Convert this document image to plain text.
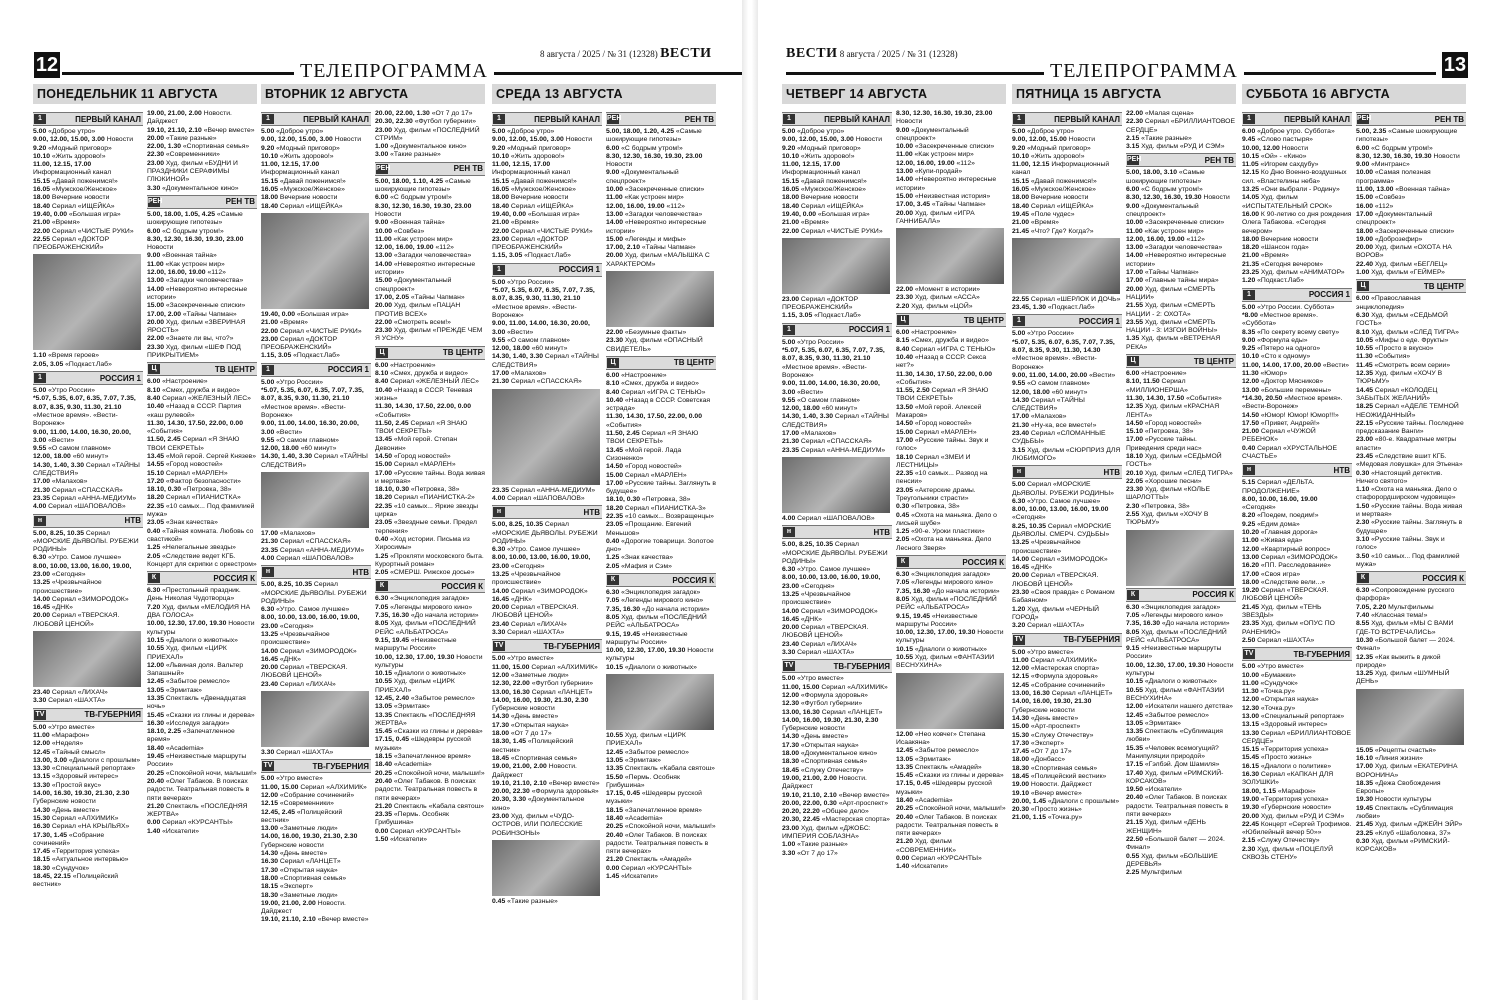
12	8 августа / 2025 / № 31 (12328) ВЕСТИ
ТЕЛЕПРОГРАММА
ПОНЕДЕЛЬНИК 11 АВГУСТА
1	ПЕРВЫЙ КАНАЛ
5.00 «Доброе утро»
9.00, 12.00, 15.00, 3.00 Новости
9.20 «Модный приговор»
10.10 «Жить здорово!»
11.00, 12.15, 17.00 Информационный канал
15.15 «Давай поженимся!»
16.05 «Мужское/Женское»
18.00 Вечерние новости
18.40 Сериал «ИЩЕЙКА»
19.40, 0.00 «Большая игра»
21.00 «Время»
22.00 Сериал «ЧИСТЫЕ РУКИ»
22.55 Сериал «ДОКТОР ПРЕОБРАЖЕНСКИЙ»
1.10 «Время героев»
2.05, 3.05 «Подкаст.Лаб»
1	РОССИЯ 1
5.00 «Утро России»
*5.07, 5.35, 6.07, 6.35, 7.07, 7.35, 8.07, 8.35, 9.30, 11.30, 21.10 «Местное время». «Вести-Воронеж»
9.00, 11.00, 14.00, 16.30, 20.00, 3.00 «Вести»
9.55 «О самом главном»
12.00, 18.00 «60 минут»
14.30, 1.40, 3.30 Сериал «ТАЙНЫ СЛЕДСТВИЯ»
17.00 «Малахов»
21.30 Сериал «СПАССКАЯ»
23.35 Сериал «АННА-МЕДИУМ»
4.00 Сериал «ШАПОВАЛОВ»
н	НТВ
5.00, 8.25, 10.35 Сериал «МОРСКИЕ ДЬЯВОЛЫ. РУБЕЖИ РОДИНЫ»
6.30 «Утро. Самое лучшее»
8.00, 10.00, 13.00, 16.00, 19.00, 23.00 «Сегодня»
13.25 «Чрезвычайное происшествие»
14.00 Сериал «ЗИМОРОДОК»
16.45 «ДНК»
20.00 Сериал «ТВЕРСКАЯ. ЛЮБОВЙ ЦЕНОЙ»
23.40 Сериал «ЛИХАЧ»
3.30 Сериал «ШАХТА»
TV	ТВ-ГУБЕРНИЯ
5.00 «Утро вместе»
11.00 «Марафон»
12.00 «Неделя»
12.45 «Тайный смысл»
13.00, 3.00 «Диалоги с прошлым»
13.30 «Специальный репортаж»
13.15 «Здоровый интерес»
13.30 «Простой вкус»
14.00, 16.30, 19.30, 21.30, 2.30 Губернские новости
14.30 «День вместе»
15.30 Сериал «АЛХИМИК»
16.30 Сериал «НА КРЫЛЬЯХ»
17.30, 1.45 «Собрание сочинений»
17.45 «Территория успеха»
18.15 «Актуальное интервью»
18.30 «Сундучок»
18.45, 22.15 «Полицейский вестник»
19.00, 21.00, 2.00 Новости. Дайджест
19.10, 21.10, 2.10 «Вечер вместе»
20.00 «Такие разные»
22.00, 1.30 «Спортивная семья»
22.30 «Современники»
23.00 Худ. фильм «БУДНИ И ПРАЗДНИКИ СЕРАФИМЫ ГЛЮКИНОЙ»
3.30 «Документальное кино»
РЕН	РЕН ТВ
5.00, 18.00, 1.05, 4.25 «Самые шокирующие гипотезы»
6.00 «С бодрым утром!»
8.30, 12.30, 16.30, 19.30, 23.00 Новости
9.00 «Военная тайна»
11.00 «Как устроен мир»
12.00, 16.00, 19.00 «112»
13.00 «Загадки человечества»
14.00 «Невероятно интересные истории»
15.00 «Засекреченные списки»
17.00, 2.00 «Тайны Чапман»
20.00 Худ. фильм «ЗВЕРИНАЯ ЯРОСТЬ»
22.00 «Знаете ли вы, что?»
23.30 Худ. фильм «ШЕФ ПОД ПРИКРЫТИЕМ»
Ц	ТВ ЦЕНТР
6.00 «Настроение»
8.10 «Смех, дружба и видео»
8.40 Сериал «ЖЕЛЕЗНЫЙ ЛЕС»
10.40 «Назад в СССР. Партия «каш рулевой»
11.30, 14.30, 17.50, 22.00, 0.00 «События»
11.50, 2.45 Сериал «Я ЗНАЮ ТВОИ СЕКРЕТЫ»
13.45 «Мой герой. Сергей Князев»
14.55 «Город новостей»
15.10 Сериал «МАРЛЕН»
17.20 «Фактор безопасности»
18.10, 0.30 «Петровка, 38»
18.20 Сериал «ПИАНИСТКА»
22.35 «10 самых... Под фамилией мужа»
23.05 «Знак качества»
0.40 «Тайная комната. Любовь со свастикой»
1.25 «Нелегальные звезды»
2.05 «Следствие ведет КГБ. Концерт для скрипки с оркестром»
К	РОССИЯ К
6.30 «Престольный праздник. День Николая Чудотворца»
7.20 Худ. фильм «МЕЛОДИЯ НА ДВА ГОЛОСА»
10.00, 12.30, 17.00, 19.30 Новости культуры
10.15 «Диалоги о животных»
10.55 Худ. фильм «ЦИРК ПРИЕХАЛ»
12.00 «Львиная доля. Вальтер Запашный»
12.45 «Забытое ремесло»
13.05 «Эрмитаж»
13.35 Спектакль «Двенадцатая ночь»
15.45 «Сказки из глины и дерева»
16.30 «Исследуя загадки»
18.10, 2.25 «Запечатленное время»
18.40 «Academia»
19.45 «Неизвестные маршруты России»
20.25 «Спокойной ночи, малыши!»
20.40 «Олег Табаков. В поисках радости. Театральная повесть в пяти вечерах»
21.20 Спектакль «ПОСЛЕДНЯЯ ЖЕРТВА»
0.00 Сериал «КУРСАНТЫ»
1.40 «Искатели»
ВТОРНИК 12 АВГУСТА
1	ПЕРВЫЙ КАНАЛ
5.00 «Доброе утро»
9.00, 12.00, 15.00, 3.00 Новости
9.20 «Модный приговор»
10.10 «Жить здорово!»
11.00, 12.15, 17.00 Информационный канал
15.15 «Давай поженимся!»
16.05 «Мужское/Женское»
18.00 Вечерние новости
18.40 Сериал «ИЩЕЙКА»
19.40, 0.00 «Большая игра»
21.00 «Время»
22.00 Сериал «ЧИСТЫЕ РУКИ»
23.00 Сериал «ДОКТОР ПРЕОБРАЖЕНСКИЙ»
1.15, 3.05 «Подкаст.Лаб»
1	РОССИЯ 1
5.00 «Утро России»
*5.07, 5.35, 6.07, 6.35, 7.07, 7.35, 8.07, 8.35, 9.30, 11.30, 21.10 «Местное время». «Вести-Воронеж»
9.00, 11.00, 14.00, 16.30, 20.00, 3.00 «Вести»
9.55 «О самом главном»
12.00, 18.00 «60 минут»
14.30, 1.40, 3.30 Сериал «ТАЙНЫ СЛЕДСТВИЯ»
17.00 «Малахов»
21.30 Сериал «СПАССКАЯ»
23.35 Сериал «АННА-МЕДИУМ»
4.00 Сериал «ШАПОВАЛОВ»
н	НТВ
5.00, 8.25, 10.35 Сериал «МОРСКИЕ ДЬЯВОЛЫ. РУБЕЖИ РОДИНЫ»
6.30 «Утро. Самое лучшее»
8.00, 10.00, 13.00, 16.00, 19.00, 23.00 «Сегодня»
13.25 «Чрезвычайное происшествие»
14.00 Сериал «ЗИМОРОДОК»
16.45 «ДНК»
20.00 Сериал «ТВЕРСКАЯ. ЛЮБОВЙ ЦЕНОЙ»
23.40 Сериал «ЛИХАЧ»
3.30 Сериал «ШАХТА»
TV	ТВ-ГУБЕРНИЯ
5.00 «Утро вместе»
11.00, 15.00 Сериал «АЛХИМИК»
12.00 «Собрание сочинений»
12.15 «Современники»
12.45, 2.45 «Полицейский вестник»
13.00 «Заметные люди»
14.00, 16.00, 19.30, 21.30, 2.30 Губернские новости
14.30 «День вместе»
16.30 Сериал «ЛАНЦЕТ»
17.30 «Открытая наука»
18.00 «Спортивная семья»
18.15 «Эксперт»
18.30 «Заметные люди»
19.00, 21.00, 2.00 Новости. Дайджест
19.10, 21.10, 2.10 «Вечер вместе»
20.00, 22.00, 1.30 «От 7 до 17»
20.30, 22.30 «Футбол губернии»
23.00 Худ. фильм «ПОСЛЕДНИЙ СТРИМ»
1.00 «Документальное кино»
3.00 «Такие разные»
РЕН	РЕН ТВ
5.00, 18.00, 1.10, 4.25 «Самые шокирующие гипотезы»
6.00 «С бодрым утром!»
8.30, 12.30, 16.30, 19.30, 23.00 Новости
9.00 «Военная тайна»
10.00 «Совбез»
11.00 «Как устроен мир»
12.00, 16.00, 19.00 «112»
13.00 «Загадки человечества»
14.00 «Невероятно интересные истории»
15.00 «Документальный спецпроект»
17.00, 2.05 «Тайны Чапман»
20.00 Худ. фильм «ПАЦАН ПРОТИВ ВСЕХ»
22.00 «Смотреть всем!»
23.30 Худ. фильм «ПРЕЖДЕ ЧЕМ Я УСНУ»
Ц	ТВ ЦЕНТР
6.00 «Настроение»
8.10 «Смех, дружба и видео»
8.40 Сериал «ЖЕЛЕЗНЫЙ ЛЕС»
10.40 «Назад в СССР. Теневая жизнь»
11.30, 14.30, 17.50, 22.00, 0.00 «События»
11.50, 2.45 Сериал «Я ЗНАЮ ТВОИ СЕКРЕТЫ»
13.45 «Мой герой. Степан Девонин»
14.50 «Город новостей»
15.00 Сериал «МАРЛЕН»
17.00 «Русские тайны. Вода живая и мертвая»
18.10, 0.30 «Петровка, 38»
18.20 Сериал «ПИАНИСТКА-2»
22.35 «10 самых... Яркие звезды цирка»
23.05 «Звездные семьи. Предел терпения»
0.40 «Ход истории. Письма из Хиросимы»
1.25 «Прокляти московского быта. Курортный роман»
2.05 «СМЕРШ. Рижское досье»
К	РОССИЯ К
6.30 «Энциклопедия загадок»
7.05 «Легенды мирового кино»
7.35, 16.30 «До начала истории»
8.05 Худ. фильм «ПОСЛЕДНИЙ РЕЙС «АЛЬБАТРОСА»
9.15, 19.45 «Неизвестные маршруты России»
10.00, 12.30, 17.00, 19.30 Новости культуры
10.15 «Диалоги о животных»
10.55 Худ. фильм «ЦИРК ПРИЕХАЛ»
12.45, 2.40 «Забытое ремесло»
13.05 «Эрмитаж»
13.35 Спектакль «ПОСЛЕДНЯЯ ЖЕРТВА»
15.45 «Сказки из глины и дерева»
17.15, 0.45 «Шедевры русской музыки»
18.15 «Запечатленное время»
18.40 «Academia»
20.25 «Спокойной ночи, малыши!»
20.40 «Олег Табаков. В поисках радости. Театральная повесть в пяти вечерах»
21.20 Спектакль «Кабала святош»
23.35 «Пермь. Особняк Грибушина»
0.00 Сериал «КУРСАНТЫ»
1.50 «Искатели»
СРЕДА 13 АВГУСТА
1	ПЕРВЫЙ КАНАЛ
5.00 «Доброе утро»
9.00, 12.00, 15.00, 3.00 Новости
9.20 «Модный приговор»
10.10 «Жить здорово!»
11.00, 12.15, 17.00 Информационный канал
15.15 «Давай поженимся!»
16.05 «Мужское/Женское»
18.00 Вечерние новости
18.40 Сериал «ИЩЕЙКА»
19.40, 0.00 «Большая игра»
21.00 «Время»
22.00 Сериал «ЧИСТЫЕ РУКИ»
23.00 Сериал «ДОКТОР ПРЕОБРАЖЕНСКИЙ»
1.15, 3.05 «Подкаст.Лаб»
1	РОССИЯ 1
5.00 «Утро России»
*5.07, 5.35, 6.07, 6.35, 7.07, 7.35, 8.07, 8.35, 9.30, 11.30, 21.10 «Местное время». «Вести-Воронеж»
9.00, 11.00, 14.00, 16.30, 20.00, 3.00 «Вести»
9.55 «О самом главном»
12.00, 18.00 «60 минут»
14.30, 1.40, 3.30 Сериал «ТАЙНЫ СЛЕДСТВИЯ»
17.00 «Малахов»
21.30 Сериал «СПАССКАЯ»
23.35 Сериал «АННА-МЕДИУМ»
4.00 Сериал «ШАПОВАЛОВ»
н	НТВ
5.00, 8.25, 10.35 Сериал «МОРСКИЕ ДЬЯВОЛЫ. РУБЕЖИ РОДИНЫ»
6.30 «Утро. Самое лучшее»
8.00, 10.00, 13.00, 16.00, 19.00, 23.00 «Сегодня»
13.25 «Чрезвычайное происшествие»
14.00 Сериал «ЗИМОРОДОК»
16.45 «ДНК»
20.00 Сериал «ТВЕРСКАЯ. ЛЮБОВЙ ЦЕНОЙ»
23.40 Сериал «ЛИХАЧ»
3.30 Сериал «ШАХТА»
TV	ТВ-ГУБЕРНИЯ
5.00 «Утро вместе»
11.00, 15.00 Сериал «АЛХИМИК»
12.00 «Заметные люди»
12.30, 22.00 «Футбол губернии»
13.00, 16.30 Сериал «ЛАНЦЕТ»
14.00, 16.00, 19.30, 21.30, 2.30 Губернские новости
14.30 «День вместе»
17.30 «Открытая наука»
18.00 «От 7 до 17»
18.30, 1.45 «Полицейский вестник»
18.45 «Спортивная семья»
19.00, 21.00, 2.00 Новости. Дайджест
19.10, 21.10, 2.10 «Вечер вместе»
20.00, 22.30 «Формула здоровья»
20.30, 3.30 «Документальное кино»
23.00 Худ. фильм «ЧУДО-ОСТРОВ, ИЛИ ПОЛЕССКИЕ РОБИНЗОНЫ»
0.45 «Такие разные»
РЕН	РЕН ТВ
5.00, 18.00, 1.20, 4.25 «Самые шокирующие гипотезы»
6.00 «С бодрым утром!»
8.30, 12.30, 16.30, 19.30, 23.00 Новости
9.00 «Документальный спецпроект»
10.00 «Засекреченные списки»
11.00 «Как устроен мир»
12.00, 16.00, 19.00 «112»
13.00 «Загадки человечества»
14.00 «Невероятно интересные истории»
15.00 «Легенды и мифы»
17.00, 2.10 «Тайны Чапман»
20.00 Худ. фильм «МАЛЫШКА С ХАРАКТЕРОМ»
22.00 «Безумные факты»
23.30 Худ. фильм «ОПАСНЫЙ СВИДЕТЕЛЬ»
Ц	ТВ ЦЕНТР
6.00 «Настроение»
8.10 «Смех, дружба и видео»
8.40 Сериал «ИГРА С ТЕНЬЮ»
10.40 «Назад в СССР. Советская эстрада»
11.30, 14.30, 17.50, 22.00, 0.00 «События»
11.50, 2.45 Сериал «Я ЗНАЮ ТВОИ СЕКРЕТЫ»
13.45 «Мой герой. Лада Сизоненко»
14.50 «Город новостей»
15.00 Сериал «МАРЛЕН»
17.00 «Русские тайны. Заглянуть в будущее»
18.10, 0.30 «Петровка, 38»
18.20 Сериал «ПИАНИСТКА-3»
22.35 «10 самых... Возвращенцы»
23.05 «Прощание. Евгений Меньшов»
0.40 «Дорогие товарищи. Золотое дно»
1.25 «Знак качества»
2.05 «Мафия и Сэм»
К	РОССИЯ К
6.30 «Энциклопедия загадок»
7.05 «Легенды мирового кино»
7.35, 16.30 «До начала истории»
8.05 Худ. фильм «ПОСЛЕДНИЙ РЕЙС «АЛЬБАТРОСА»
9.15, 19.45 «Неизвестные маршруты России»
10.00, 12.30, 17.00, 19.30 Новости культуры
10.15 «Диалоги о животных»
10.55 Худ. фильм «ЦИРК ПРИЕХАЛ»
12.45 «Забытое ремесло»
13.05 «Эрмитаж»
13.35 Спектакль «Кабала святош»
15.50 «Пермь. Особняк Грибушина»
17.15, 0.45 «Шедевры русской музыки»
18.15 «Запечатленное время»
18.40 «Academia»
20.25 «Спокойной ночи, малыши!»
20.40 «Олег Табаков. В поисках радости. Театральная повесть в пяти вечерах»
21.20 Спектакль «Амадей»
0.00 Сериал «КУРСАНТЫ»
1.45 «Искатели»
ВЕСТИ 8 августа / 2025 / № 31 (12328)	13
ТЕЛЕПРОГРАММА
ЧЕТВЕРГ 14 АВГУСТА
1	ПЕРВЫЙ КАНАЛ
5.00 «Доброе утро»
9.00, 12.00, 15.00, 3.00 Новости
9.20 «Модный приговор»
10.10 «Жить здорово!»
11.00, 12.15, 17.00 Информационный канал
15.15 «Давай поженимся!»
16.05 «Мужское/Женское»
18.00 Вечерние новости
18.40 Сериал «ИЩЕЙКА»
19.40, 0.00 «Большая игра»
21.00 «Время»
22.00 Сериал «ЧИСТЫЕ РУКИ»
23.00 Сериал «ДОКТОР ПРЕОБРАЖЕНСКИЙ»
1.15, 3.05 «Подкаст.Лаб»
1	РОССИЯ 1
5.00 «Утро России»
*5.07, 5.35, 6.07, 6.35, 7.07, 7.35, 8.07, 8.35, 9.30, 11.30, 21.10 «Местное время». «Вести-Воронеж»
9.00, 11.00, 14.00, 16.30, 20.00, 3.00 «Вести»
9.55 «О самом главном»
12.00, 18.00 «60 минут»
14.30, 1.40, 3.30 Сериал «ТАЙНЫ СЛЕДСТВИЯ»
17.00 «Малахов»
21.30 Сериал «СПАССКАЯ»
23.35 Сериал «АННА-МЕДИУМ»
4.00 Сериал «ШАПОВАЛОВ»
н	НТВ
5.00, 8.25, 10.35 Сериал «МОРСКИЕ ДЬЯВОЛЫ. РУБЕЖИ РОДИНЫ»
6.30 «Утро. Самое лучшее»
8.00, 10.00, 13.00, 16.00, 19.00, 23.00 «Сегодня»
13.25 «Чрезвычайное происшествие»
14.00 Сериал «ЗИМОРОДОК»
16.45 «ДНК»
20.00 Сериал «ТВЕРСКАЯ. ЛЮБОВЙ ЦЕНОЙ»
23.40 Сериал «ЛИХАЧ»
3.30 Сериал «ШАХТА»
TV	ТВ-ГУБЕРНИЯ
5.00 «Утро вместе»
11.00, 15.00 Сериал «АЛХИМИК»
12.00 «Формула здоровья»
12.30 «Футбол губернии»
13.00, 16.30 Сериал «ЛАНЦЕТ»
14.00, 16.00, 19.30, 21.30, 2.30 Губернские новости
14.30 «День вместе»
17.30 «Открытая наука»
18.00 «Документальное кино»
18.30 «Спортивная семья»
18.45 «Служу Отечеству»
19.00, 21.00, 2.00 Новости. Дайджест
19.10, 21.10, 2.10 «Вечер вместе»
20.00, 22.00, 0.30 «Арт-проспект»
20.20, 22.20 «Общее дело»
20.30, 22.45 «Мастерская спорта»
23.00 Худ. фильм «ДЖОБС: ИМПЕРИЯ СОБЛАЗНА»
1.00 «Такие разные»
3.30 «От 7 до 17»
8.30, 12.30, 16.30, 19.30, 23.00 Новости
9.00 «Документальный спецпроект»
10.00 «Засекреченные списки»
11.00 «Как устроен мир»
12.00, 16.00, 19.00 «112»
13.00 «Купи-продай»
14.00 «Невероятно интересные истории»
15.00 «Неизвестная история»
17.00, 3.45 «Тайны Чапман»
20.00 Худ. фильм «ИГРА ГАННИБАЛА»
22.00 «Момент в истории»
23.30 Худ. фильм «АССА»
2.20 Худ. фильм «ЦОЙ»
Ц	ТВ ЦЕНТР
6.00 «Настроение»
8.15 «Смех, дружба и видео»
8.40 Сериал «ИГРА С ТЕНЬЮ»
10.40 «Назад в СССР. Секса нет?»
11.30, 14.30, 17.50, 22.00, 0.00 «События»
11.55, 2.50 Сериал «Я ЗНАЮ ТВОИ СЕКРЕТЫ»
13.50 «Мой герой. Алексей Макаров»
14.50 «Город новостей»
15.00 Сериал «МАРЛЕН»
17.00 «Русские тайны. Звук и голос»
18.10 Сериал «ЗМЕИ И ЛЕСТНИЦЫ»
22.35 «10 самых... Развод на пенсии»
23.05 «Актерские драмы. Треугольники страсти»
0.30 «Петровка, 38»
0.45 «Охота на маньяка. Дело о лисьей шубе»
1.25 «90-е. Уроки пластики»
2.05 «Охота на маньяка. Дело Лесного Зверя»
К	РОССИЯ К
6.30 «Энциклопедия загадок»
7.05 «Легенды мирового кино»
7.35, 16.30 «До начала истории»
8.05 Худ. фильм «ПОСЛЕДНИЙ РЕЙС «АЛЬБАТРОСА»
9.15, 19.45 «Неизвестные маршруты России»
10.00, 12.30, 17.00, 19.30 Новости культуры
10.15 «Диалоги о животных»
10.55 Худ. фильм «ФАНТАЗИИ ВЕСНУХИНА»
12.00 «Нео ковчег» Степана Исаакяна»
12.45 «Забытое ремесло»
13.05 «Эрмитаж»
13.35 Спектакль «Амадей»
15.45 «Сказки из глины и дерева»
17.15, 0.45 «Шедевры русской музыки»
18.40 «Academia»
20.25 «Спокойной ночи, малыши!»
20.40 «Олег Табаков. В поисках радости. Театральная повесть в пяти вечерах»
21.20 Худ. фильм «СОВРЕМЕННИК»
0.00 Сериал «КУРСАНТЫ»
1.40 «Искатели»
ПЯТНИЦА 15 АВГУСТА
1	ПЕРВЫЙ КАНАЛ
5.00 «Доброе утро»
9.00, 12.00, 15.00 Новости
9.20 «Модный приговор»
10.10 «Жить здорово!»
11.00, 12.15 Информационный канал
15.15 «Давай поженимся!»
16.05 «Мужское/Женское»
18.00 Вечерние новости
18.40 Сериал «ИЩЕЙКА»
19.45 «Поле чудес»
21.00 «Время»
21.45 «Что? Где? Когда?»
22.55 Сериал «ШЕРЛОК И ДОЧЬ»
23.45, 1.30 «Подкаст.Лаб»
1	РОССИЯ 1
5.00 «Утро России»
*5.07, 5.35, 6.07, 6.35, 7.07, 7.35, 8.07, 8.35, 9.30, 11.30, 14.30 «Местное время». «Вести-Воронеж»
9.00, 11.00, 14.00, 20.00 «Вести»
9.55 «О самом главном»
12.00, 18.00 «60 минут»
14.30 Сериал «ТАЙНЫ СЛЕДСТВИЯ»
17.00 «Малахов»
21.30 «Ну-ка, все вместе!»
23.40 Сериал «СЛОМАННЫЕ СУДЬБЫ»
3.15 Худ. фильм «СЮРПРИЗ ДЛЯ ЛЮБИМОГО»
н	НТВ
5.00 Сериал «МОРСКИЕ ДЬЯВОЛЫ. РУБЕЖИ РОДИНЫ»
6.30 «Утро. Самое лучшее»
8.00, 10.00, 13.00, 16.00, 19.00 «Сегодня»
8.25, 10.35 Сериал «МОРСКИЕ ДЬЯВОЛЫ. СМЕРЧ. СУДЬБЫ»
13.25 «Чрезвычайное происшествие»
14.00 Сериал «ЗИМОРОДОК»
16.45 «ДНК»
20.00 Сериал «ТВЕРСКАЯ. ЛЮБОВЙ ЦЕНОЙ»
23.30 «Своя правда» с Романом Бабаяном»
1.20 Худ. фильм «ЧЕРНЫЙ ГОРОД»
3.20 Сериал «ШАХТА»
TV	ТВ-ГУБЕРНИЯ
5.00 «Утро вместе»
11.00 Сериал «АЛХИМИК»
12.00 «Мастерская спорта»
12.15 «Формула здоровья»
12.45 «Собрание сочинений»
13.00, 16.30 Сериал «ЛАНЦЕТ»
14.00, 16.00, 19.30, 21.30 Губернские новости
14.30 «День вместе»
15.00 «Арт-проспект»
15.30 «Служу Отечеству»
17.30 «Эксперт»
17.45 «От 7 до 17»
18.00 «Донбасс»
18.30 «Спортивная семья»
18.45 «Полицейский вестник»
19.00 Новости. Дайджест
19.10 «Вечер вместе»
20.00, 1.45 «Диалоги с прошлым»
20.30 «Просто жизнь»
21.00, 1.15 «Точка.ру»
22.00 «Малая сцена»
22.30 Сериал «БРИЛЛИАНТОВОЕ СЕРДЦЕ»
2.15 «Такие разные»
3.15 Худ. фильм «РУД И СЭМ»
РЕН	РЕН ТВ
5.00, 18.00, 3.10 «Самые шокирующие гипотезы»
6.00 «С бодрым утром!»
8.30, 12.30, 16.30, 19.30 Новости
9.00 «Документальный спецпроект»
10.00 «Засекреченные списки»
11.00 «Как устроен мир»
12.00, 16.00, 19.00 «112»
13.00 «Загадки человечества»
14.00 «Невероятно интересные истории»
17.00 «Тайны Чапман»
17.00 «Главные тайны мира»
20.00 Худ. фильм «СМЕРТЬ НАЦИИ»
21.55 Худ. фильм «СМЕРТЬ НАЦИИ - 2: ОХОТА»
23.55 Худ. фильм «СМЕРТЬ НАЦИИ - 3: ИЗГОИ ВОЙНЫ»
1.35 Худ. фильм «ВЕТРЕНАЯ РЕКА»
Ц	ТВ ЦЕНТР
6.00 «Настроение»
8.10, 11.50 Сериал «МИЛЛИОНЕРША»
11.30, 14.30, 17.50 «События»
12.35 Худ. фильм «КРАСНАЯ ЛЕНТА»
14.50 «Город новостей»
15.10 «Петровка, 38»
17.00 «Русские тайны. Приведения среди нас»
18.10 Худ. фильм «СЕДЬМОЙ ГОСТЬ»
20.10 Худ. фильм «СЛЕД ТИГРА»
22.05 «Хорошие песни»
23.30 Худ. фильм «КОЛЬЕ ШАРЛОТТЫ»
2.30 «Петровка, 38»
2.55 Худ. фильм «ХОЧУ В ТЮРЬМУ»
К	РОССИЯ К
6.30 «Энциклопедия загадок»
7.05 «Легенды мирового кино»
7.35, 16.30 «До начала истории»
8.05 Худ. фильм «ПОСЛЕДНИЙ РЕЙС «АЛЬБАТРОСА»
9.15 «Неизвестные маршруты России»
10.00, 12.30, 17.00, 19.30 Новости культуры
10.15 «Диалоги о животных»
10.55 Худ. фильм «ФАНТАЗИИ ВЕСНУХИНА»
12.00 «Искатели нашего детства»
12.45 «Забытое ремесло»
13.05 «Эрмитаж»
13.35 Спектакль «Сублимация любви»
15.35 «Человек всемогущий? Манипуляции природой»
17.15 «Гэлбэй. Дом Шамиля»
17.40 Худ. фильм «РИМСКИЙ-КОРСАКОВ»
19.50 «Искатели»
20.40 «Олег Табаков. В поисках радости. Театральная повесть в пяти вечерах»
21.15 Худ. фильм «ДЕНЬ ЖЕНЩИН»
22.50 «Большой балет — 2024. Финал»
0.55 Худ. фильм «БОЛЬШИЕ ДЕРЕВЬЯ»
2.25 Мультфильм
СУББОТА 16 АВГУСТА
1	ПЕРВЫЙ КАНАЛ
6.00 «Доброе утро. Суббота»
9.45 «Слово пастыря»
10.00, 12.00 Новости
10.15 «Ой» - «Кино»
11.05 «Игорем сахдубу»
12.15 Ко Дню Военно-воздушных сил. «Властелины неба»
13.25 «Они выбрали - Родину»
14.05 Худ. фильм «ИСПЫТАТЕЛЬНЫЙ СРОК»
16.00 К 90-летию со дня рождения Олега Табакова. «Сегодня вечером»
18.00 Вечерние новости
18.20 «Шансон года»
21.00 «Время»
21.35 «Сегодня вечером»
23.25 Худ. фильм «АНИМАТОР»
1.20 «Подкаст.Лаб»
1	РОССИЯ 1
5.00 «Утро России. Суббота»
*8.00 «Местное время». «Суббота»
8.35 «По секрету всему свету»
9.00 «Формула еды»
9.25 «Пятеро на одного»
10.10 «Сто к одному»
11.00, 14.00, 17.00, 20.00 «Вести»
11.30 «Юмор»
12.00 «Доктор Мясников»
13.00 «Большие перемены»
*14.30, 20.50 «Местное время». «Вести-Воронеж»
14.50 «Юмор! Юмор! Юмор!!!»
17.50 «Привет, Андрей!»
21.00 Сериал «ЧУЖОЙ РЕБЕНОК»
0.40 Сериал «ХРУСТАЛЬНОЕ СЧАСТЬЕ»
н	НТВ
5.15 Сериал «ДЕЛЬТА. ПРОДОЛЖЕНИЕ»
8.00, 10.00, 16.00, 19.00 «Сегодня»
8.20 «Поедем, поедим!»
9.25 «Едим дома»
10.20 «Главная дорога»
11.00 «Живая еда»
12.00 «Квартирный вопрос»
13.00 Сериал «ЗИМОРОДОК»
16.20 «ПП. Расследование»
17.00 «Своя игра»
18.00 «Следствие вели...»
19.20 Сериал «ТВЕРСКАЯ. ЛЮБОВЙ ЦЕНОЙ»
21.45 Худ. фильм «ТЕНЬ ЗВЕЗДЫ»
23.35 Худ. фильм «ОПУС ПО РАНЕНИЮ»
2.50 Сериал «ШАХТА»
TV	ТВ-ГУБЕРНИЯ
5.00 «Утро вместе»
10.00 «Бумажки»
11.00 «Сундучок»
11.30 «Точка.ру»
12.00 «Открытая наука»
12.30 «Точка.ру»
13.00 «Специальный репортаж»
13.15 «Здоровый интерес»
13.30 Сериал «БРИЛЛИАНТОВОЕ СЕРДЦЕ»
15.15 «Территория успеха»
15.45 «Просто жизнь»
16.15 «Диалоги о политике»
16.30 Сериал «КАПКАН ДЛЯ ЗОЛУШКИ»
18.00, 1.15 «Марафон»
19.00 «Территория успеха»
19.30 «Губернские новости»
20.00 Худ. фильм «РУД И СЭМ»
22.45 Концерт «Сергей Трофимов. «Юбилейный вечер 50»»
2.15 «Служу Отечеству»
2.30 Худ. фильм «ПОЦЕЛУЙ СКВОЗЬ СТЕНУ»
РЕН	РЕН ТВ
5.00, 2.35 «Самые шокирующие гипотезы»
6.00 «С бодрым утром!»
8.30, 12.30, 16.30, 19.30 Новости
9.00 «Минтранс»
10.00 «Самая полезная программа»
11.00, 13.00 «Военная тайна»
15.00 «Совбез»
16.00 «112»
17.00 «Документальный спецпроект»
18.00 «Засекреченные списки»
19.00 «Доброзефир»
20.00 Худ. фильм «ОХОТА НА ВОРОВ»
22.40 Худ. фильм «БЕГЛЕЦ»
1.00 Худ. фильм «ГЕЙМЕР»
Ц	ТВ ЦЕНТР
6.00 «Православная энциклопедия»
6.30 Худ. фильм «СЕДЬМОЙ ГОСТЬ»
8.10 Худ. фильм «СЛЕД ТИГРА»
10.05 «Мифы о еде. Фрукты»
10.55 «Просто в вкусно»
11.30 «События»
11.45 «Смотреть всем серии»
12.35 Худ. фильм «ХОЧУ В ТЮРЬМУ»
14.45 Сериал «КОЛОДЕЦ ЗАБЫТЫХ ЖЕЛАНИЙ»
18.25 Сериал «АДЕЛЕ ТЕМНОЙ НЕОЖИДАННЫЙ»
22.15 «Русские тайны. Последнее предсказание Ванги»
23.00 «80-е. Квадратные метры власти»
23.45 «Следствие вшит КГБ. «Медовая ловушка» для Этьена»
0.30 «Настоящий детектив. Ничего святого»
1.10 «Охота на маньяка. Дело о стафорордширском чудовище»
1.50 «Русские тайны. Вода живая и мертвая»
2.30 «Русские тайны. Заглянуть в будущее»
3.10 «Русские тайны. Звук и голос»
3.50 «10 самых... Под фамилией мужа»
К	РОССИЯ К
6.30 «Сопровождение русского фарфора»
7.05, 2.20 Мультфильмы
7.40 «Классная тема!»
8.55 Худ. фильм «МЫ С ВАМИ ГДЕ-ТО ВСТРЕЧАЛИСЬ»
10.30 «Большой балет — 2024. Финал»
12.35 «Как выжить в дикой природе»
13.25 Худ. фильм «ШУМНЫЙ ДЕНЬ»
15.05 «Рецепты счастья»
16.10 «Линия жизни»
17.00 Худ. фильм «ЕКАТЕРИНА ВОРОНИНА»
18.35 «Дежа Свобождения Европы»
19.30 Новости культуры
19.45 Спектакль «Сублимация любви»
21.45 Худ. фильм «ДЖЕЙН ЭЙР»
23.25 «Клуб «Шаболовка, 37»
0.30 Худ. фильм «РИМСКИЙ-КОРСАКОВ»
